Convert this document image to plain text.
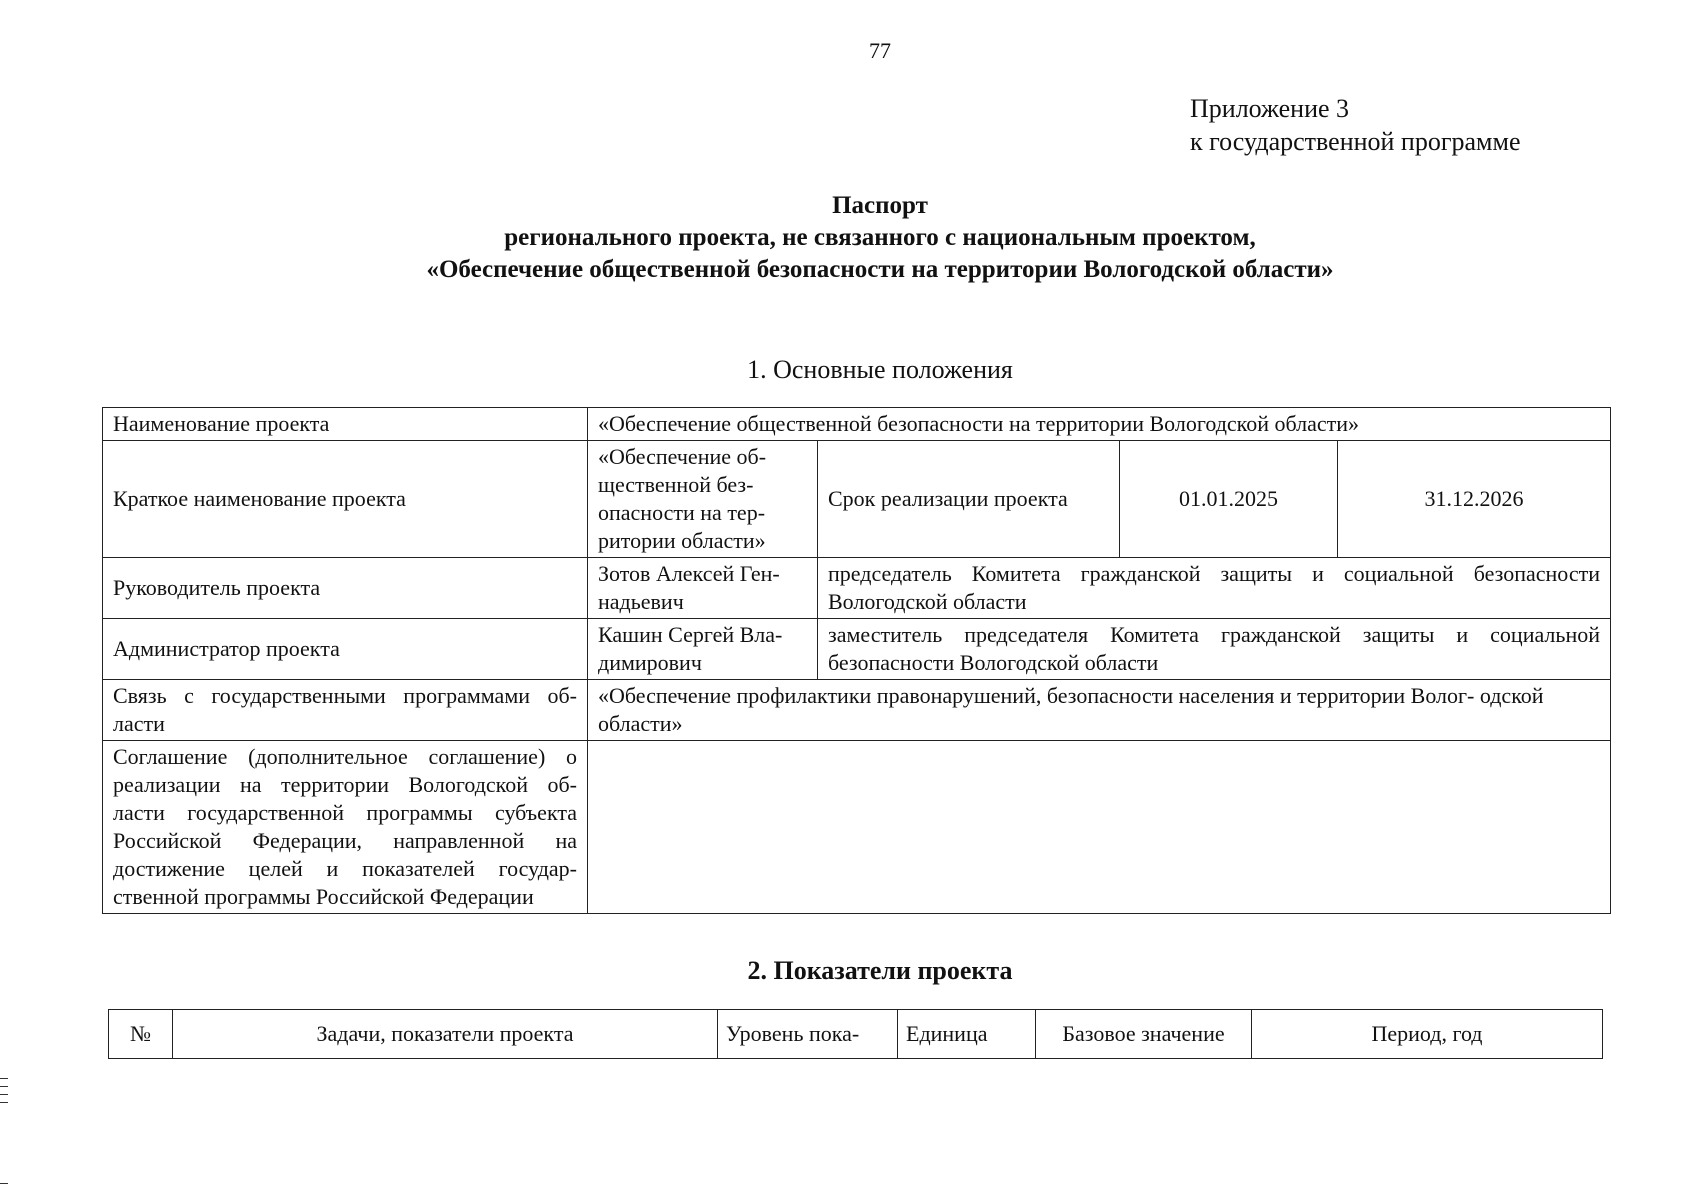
77
Приложение 3
к государственной программе
Паспорт
регионального проекта, не связанного с национальным проектом,
«Обеспечение общественной безопасности на территории Вологодской области»
1. Основные положения
Наименование проекта	«Обеспечение общественной безопасности на территории Вологодской области»			
Краткое наименование проекта	«Обеспечение об- щественной без- опасности на тер- ритории области»	Срок реализации проекта	01.01.2025	31.12.2026
Руководитель проекта	Зотов Алексей Ген- надьевич	председатель Комитета гражданской защиты и социальной безопасности Вологодской области		
Администратор проекта	Кашин Сергей Вла- димирович	заместитель председателя Комитета гражданской защиты и социальной безопасности Вологодской области		
Связь с государственными программами об- ласти	«Обеспечение профилактики правонарушений, безопасности населения и территории Волог- одской области»			
Соглашение (дополнительное соглашение) о реализации на территории Вологодской об- ласти государственной программы субъекта Российской Федерации, направленной на достижение целей и показателей государ- ственной программы Российской Федерации				
2. Показатели проекта
№	Задачи, показатели проекта	Уровень пока-	Единица	Базовое значение	Период, год
